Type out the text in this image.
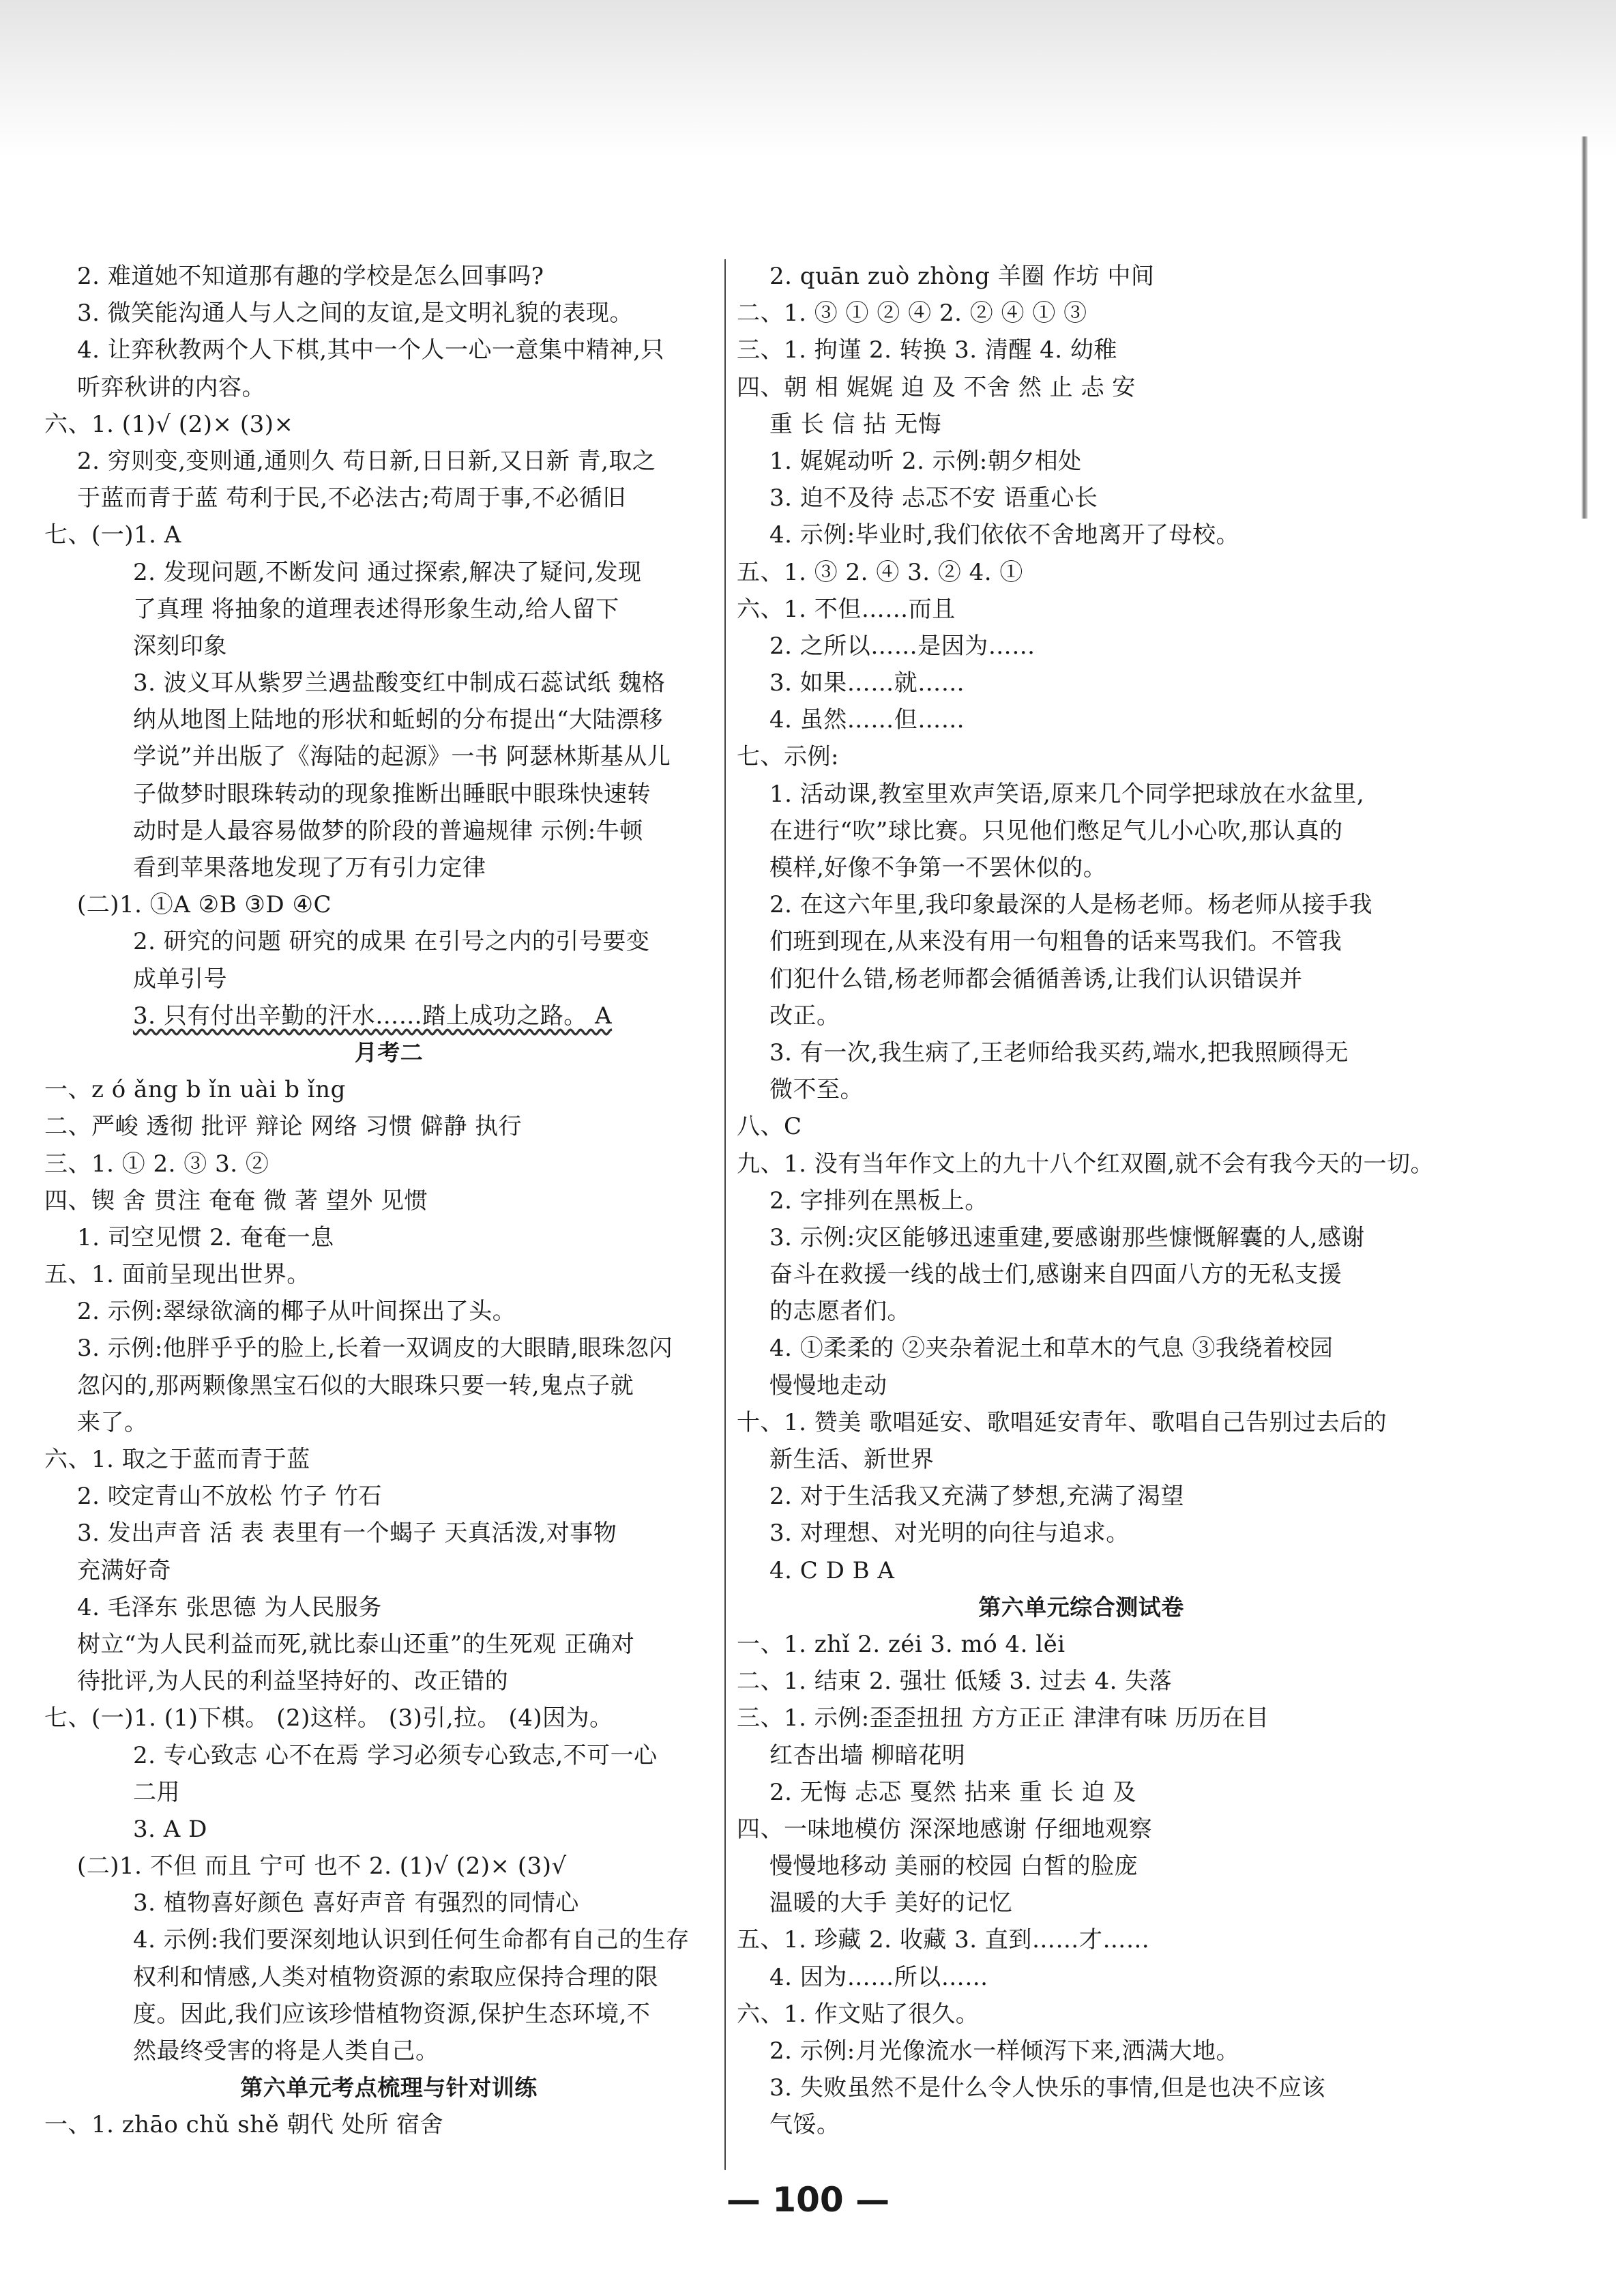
2. 难道她不知道那有趣的学校是怎么回事吗?
3. 微笑能沟通人与人之间的友谊,是文明礼貌的表现。
4. 让弈秋教两个人下棋,其中一个人一心一意集中精神,只
听弈秋讲的内容。
六、1. (1)√ (2)× (3)×
2. 穷则变,变则通,通则久 苟日新,日日新,又日新 青,取之
于蓝而青于蓝 苟利于民,不必法古;苟周于事,不必循旧
七、(一)1. A
2. 发现问题,不断发问 通过探索,解决了疑问,发现
了真理 将抽象的道理表述得形象生动,给人留下
深刻印象
3. 波义耳从紫罗兰遇盐酸变红中制成石蕊试纸 魏格
纳从地图上陆地的形状和蚯蚓的分布提出“大陆漂移
学说”并出版了《海陆的起源》一书 阿瑟林斯基从儿
子做梦时眼珠转动的现象推断出睡眠中眼珠快速转
动时是人最容易做梦的阶段的普遍规律 示例:牛顿
看到苹果落地发现了万有引力定律
(二)1. ①A ②B ③D ④C
2. 研究的问题 研究的成果 在引号之内的引号要变
成单引号
3. 只有付出辛勤的汗水……踏上成功之路。 A
月考二
一、z ó ǎng b ǐn uài b ǐng
二、严峻 透彻 批评 辩论 网络 习惯 僻静 执行
三、1. ① 2. ③ 3. ②
四、锲 舍 贯注 奄奄 微 著 望外 见惯
1. 司空见惯 2. 奄奄一息
五、1. 面前呈现出世界。
2. 示例:翠绿欲滴的椰子从叶间探出了头。
3. 示例:他胖乎乎的脸上,长着一双调皮的大眼睛,眼珠忽闪
忽闪的,那两颗像黑宝石似的大眼珠只要一转,鬼点子就
来了。
六、1. 取之于蓝而青于蓝
2. 咬定青山不放松 竹子 竹石
3. 发出声音 活 表 表里有一个蝎子 天真活泼,对事物
充满好奇
4. 毛泽东 张思德 为人民服务
树立“为人民利益而死,就比泰山还重”的生死观 正确对
待批评,为人民的利益坚持好的、改正错的
七、(一)1. (1)下棋。 (2)这样。 (3)引,拉。 (4)因为。
2. 专心致志 心不在焉 学习必须专心致志,不可一心
二用
3. A D
(二)1. 不但 而且 宁可 也不 2. (1)√ (2)× (3)√
3. 植物喜好颜色 喜好声音 有强烈的同情心
4. 示例:我们要深刻地认识到任何生命都有自己的生存
权利和情感,人类对植物资源的索取应保持合理的限
度。因此,我们应该珍惜植物资源,保护生态环境,不
然最终受害的将是人类自己。
第六单元考点梳理与针对训练
一、1. zhāo chǔ shě 朝代 处所 宿舍
2. quān zuò zhòng 羊圈 作坊 中间
二、1. ③ ① ② ④ 2. ② ④ ① ③
三、1. 拘谨 2. 转换 3. 清醒 4. 幼稚
四、朝 相 娓娓 迫 及 不舍 然 止 忐 安
重 长 信 拈 无悔
1. 娓娓动听 2. 示例:朝夕相处
3. 迫不及待 忐忑不安 语重心长
4. 示例:毕业时,我们依依不舍地离开了母校。
五、1. ③ 2. ④ 3. ② 4. ①
六、1. 不但……而且
2. 之所以……是因为……
3. 如果……就……
4. 虽然……但……
七、示例:
1. 活动课,教室里欢声笑语,原来几个同学把球放在水盆里,
在进行“吹”球比赛。只见他们憋足气儿小心吹,那认真的
模样,好像不争第一不罢休似的。
2. 在这六年里,我印象最深的人是杨老师。杨老师从接手我
们班到现在,从来没有用一句粗鲁的话来骂我们。不管我
们犯什么错,杨老师都会循循善诱,让我们认识错误并
改正。
3. 有一次,我生病了,王老师给我买药,端水,把我照顾得无
微不至。
八、C
九、1. 没有当年作文上的九十八个红双圈,就不会有我今天的一切。
2. 字排列在黑板上。
3. 示例:灾区能够迅速重建,要感谢那些慷慨解囊的人,感谢
奋斗在救援一线的战士们,感谢来自四面八方的无私支援
的志愿者们。
4. ①柔柔的 ②夹杂着泥土和草木的气息 ③我绕着校园
慢慢地走动
十、1. 赞美 歌唱延安、歌唱延安青年、歌唱自己告别过去后的
新生活、新世界
2. 对于生活我又充满了梦想,充满了渴望
3. 对理想、对光明的向往与追求。
4. C D B A
第六单元综合测试卷
一、1. zhǐ 2. zéi 3. mó 4. lěi
二、1. 结束 2. 强壮 低矮 3. 过去 4. 失落
三、1. 示例:歪歪扭扭 方方正正 津津有味 历历在目
红杏出墙 柳暗花明
2. 无悔 忐忑 戛然 拈来 重 长 迫 及
四、一味地模仿 深深地感谢 仔细地观察
慢慢地移动 美丽的校园 白皙的脸庞
温暖的大手 美好的记忆
五、1. 珍藏 2. 收藏 3. 直到……才……
4. 因为……所以……
六、1. 作文贴了很久。
2. 示例:月光像流水一样倾泻下来,洒满大地。
3. 失败虽然不是什么令人快乐的事情,但是也决不应该
气馁。
— 100 —
